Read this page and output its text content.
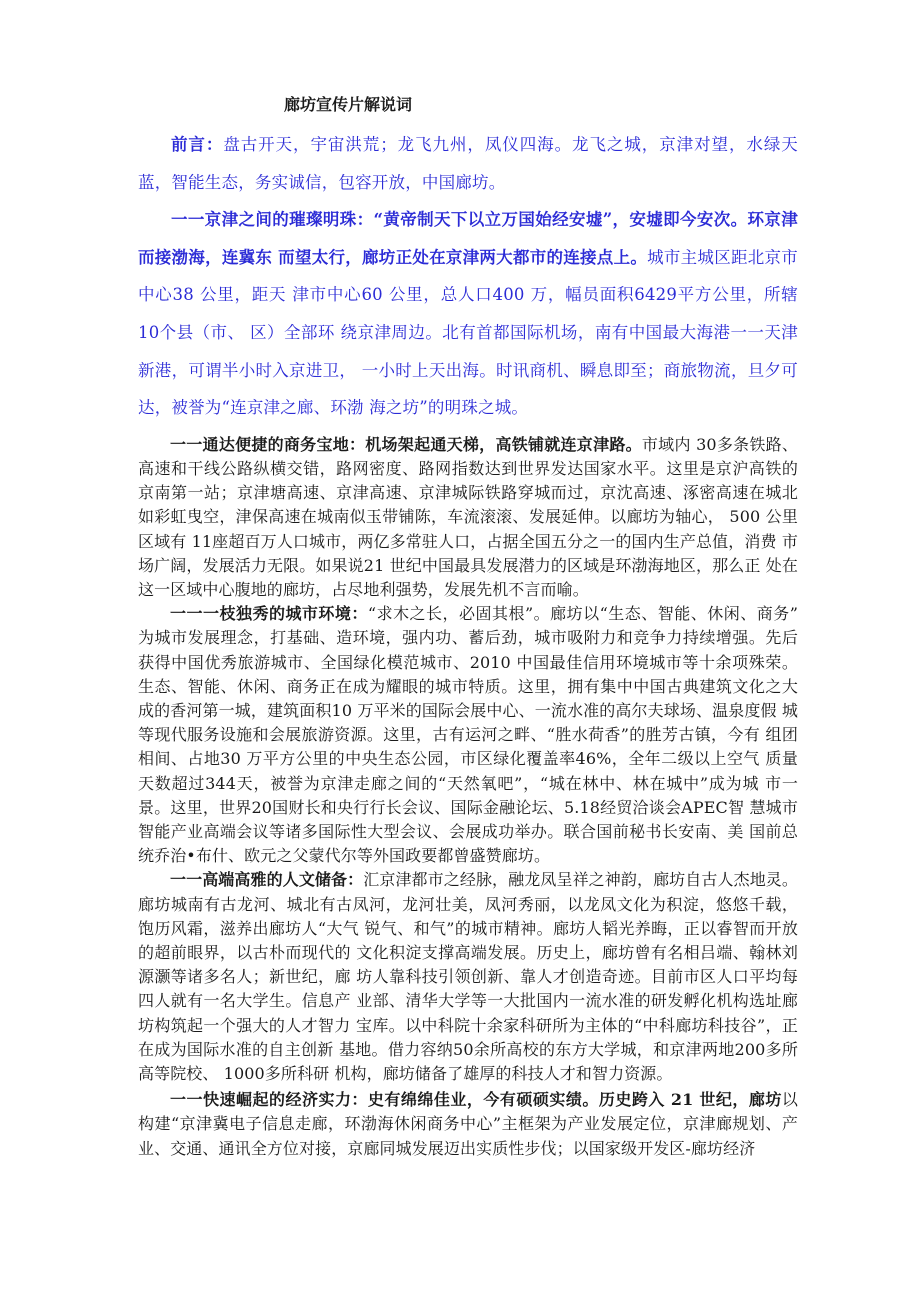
廊坊宣传片解说词

前言：盘古开天，宇宙洪荒；龙飞九州，凤仪四海。龙飞之城，京津对望，水绿天蓝，智能生态，务实诚信，包容开放，中国廊坊。

一一京津之间的璀璨明珠：“黄帝制天下以立万国始经安墟”，安墟即今安次。环京津 而接渤海，连冀东 而望太行，廊坊正处在京津两大都市的连接点上。城市主城区距北京市中心38 公里，距天 津市中心60 公里，总人口400 万，幅员面积6429平方公里，所辖10个县（市、 区）全部环 绕京津周边。北有首都国际机场，南有中国最大海港一一天津新港，可谓半小时入京进卫， 一小时上天出海。时讯商机、瞬息即至；商旅物流，旦夕可达，被誉为“连京津之廊、环渤 海之坊”的明珠之城。

一一通达便捷的商务宝地：机场架起通天梯，高铁铺就连京津路。市域内 30多条铁路、 高速和干线公路纵横交错，路网密度、路网指数达到世界发达国家水平。这里是京沪高铁的 京南第一站；京津塘高速、京津高速、京津城际铁路穿城而过，京沈高速、涿密高速在城北 如彩虹曳空，津保高速在城南似玉带铺陈，车流滚滚、发展延伸。以廊坊为轴心， 500 公里 区域有 11座超百万人口城市，两亿多常驻人口，占据全国五分之一的国内生产总值，消费 市场广阔，发展活力无限。如果说21 世纪中国最具发展潜力的区域是环渤海地区，那么正 处在这一区域中心腹地的廊坊，占尽地利强势，发展先机不言而喻。

一一一枝独秀的城市环境：“求木之长，必固其根”。廊坊以“生态、智能、休闲、商务” 为城市发展理念，打基础、造环境，强内功、蓄后劲，城市吸附力和竞争力持续增强。先后 获得中国优秀旅游城市、全国绿化模范城市、2010 中国最佳信用环境城市等十余项殊荣。 生态、智能、休闲、商务正在成为耀眼的城市特质。这里，拥有集中中国古典建筑文化之大 成的香河第一城，建筑面积10 万平米的国际会展中心、一流水准的高尔夫球场、温泉度假 城等现代服务设施和会展旅游资源。这里，古有运河之畔、“胜水荷香”的胜芳古镇，今有 组团相间、占地30 万平方公里的中央生态公园，市区绿化覆盖率46%，全年二级以上空气 质量天数超过344天，被誉为京津走廊之间的“天然氧吧”，“城在林中、林在城中”成为城 市一景。这里，世界20国财长和央行行长会议、国际金融论坛、5.18经贸洽谈会APEC智 慧城市智能产业高端会议等诸多国际性大型会议、会展成功举办。联合国前秘书长安南、美 国前总统乔治•布什、欧元之父蒙代尔等外国政要都曾盛赞廊坊。

一一高端高雅的人文储备：汇京津都市之经脉，融龙凤呈祥之神韵，廊坊自古人杰地灵。 廊坊城南有古龙河、城北有古凤河，龙河壮美，凤河秀丽，以龙凤文化为积淀，悠悠千载， 饱历风霜，滋养出廊坊人“大气 锐气、和气”的城市精神。廊坊人韬光养晦，正以睿智而开放的超前眼界，以古朴而现代的 文化积淀支撑高端发展。历史上，廊坊曾有名相吕端、翰林刘源灏等诸多名人；新世纪，廊 坊人靠科技引领创新、靠人才创造奇迹。目前市区人口平均每四人就有一名大学生。信息产 业部、清华大学等一大批国内一流水准的研发孵化机构选址廊坊构筑起一个强大的人才智力 宝库。以中科院十余家科研所为主体的“中科廊坊科技谷”，正在成为国际水准的自主创新 基地。借力容纳50余所高校的东方大学城，和京津两地200多所高等院校、 1000多所科研 机构，廊坊储备了雄厚的科技人才和智力资源。

一一快速崛起的经济实力：史有绵绵佳业，今有硕硕实绩。历史跨入 21 世纪，廊坊以构建“京津冀电子信息走廊，环渤海休闲商务中心”主框架为产业发展定位，京津廊规划、产业、交通、通讯全方位对接，京廊同城发展迈出实质性步伐；以国家级开发区-廊坊经济
